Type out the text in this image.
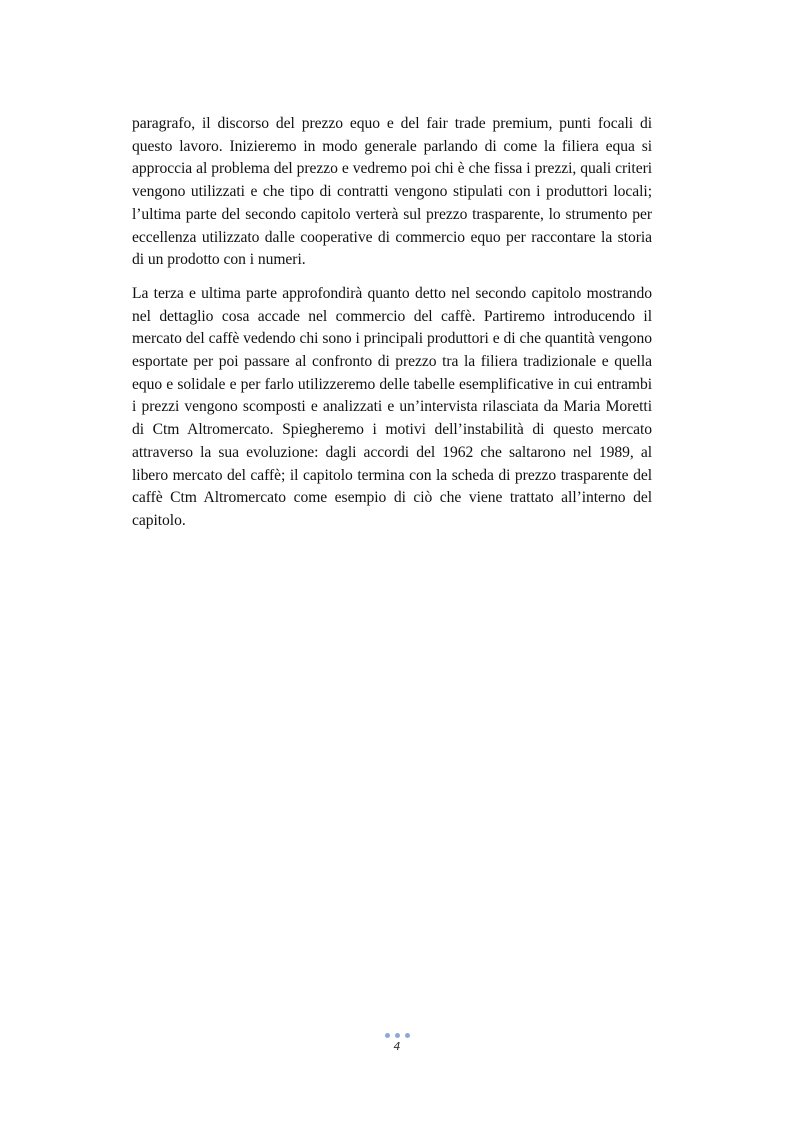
paragrafo, il discorso del prezzo equo e del fair trade premium, punti focali di questo lavoro. Inizieremo in modo generale parlando di come la filiera equa si approccia al problema del prezzo e vedremo poi chi è che fissa i prezzi, quali criteri vengono utilizzati e che tipo di contratti vengono stipulati con i produttori locali; l’ultima parte del secondo capitolo verterà sul prezzo trasparente, lo strumento per eccellenza utilizzato dalle cooperative di commercio equo per raccontare la storia di un prodotto con i numeri.

La terza e ultima parte approfondirà quanto detto nel secondo capitolo mostrando nel dettaglio cosa accade nel commercio del caffè. Partiremo introducendo il mercato del caffè vedendo chi sono i principali produttori e di che quantità vengono esportate per poi passare al confronto di prezzo tra la filiera tradizionale e quella equo e solidale e per farlo utilizzeremo delle tabelle esemplificative in cui entrambi i prezzi vengono scomposti e analizzati e un’intervista rilasciata da Maria Moretti di Ctm Altromercato. Spiegheremo i motivi dell’instabilità di questo mercato attraverso la sua evoluzione: dagli accordi del 1962 che saltarono nel 1989, al libero mercato del caffè; il capitolo termina con la scheda di prezzo trasparente del caffè Ctm Altromercato come esempio di ciò che viene trattato all’interno del capitolo.

4
